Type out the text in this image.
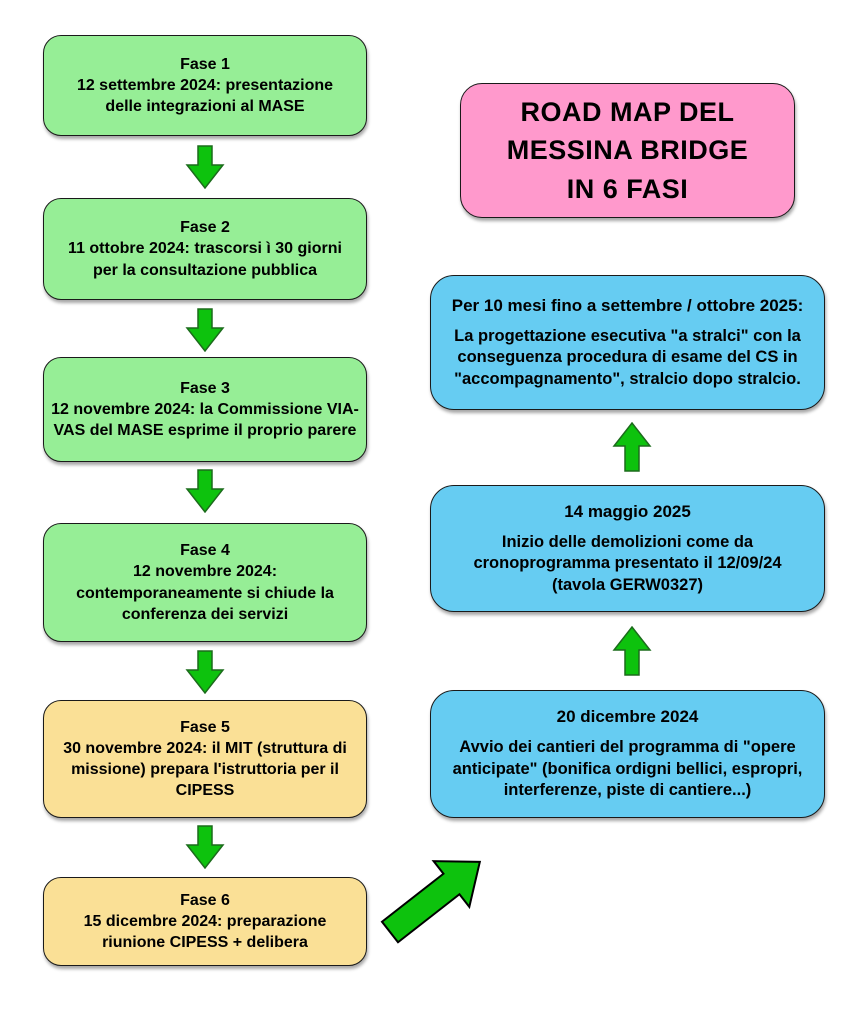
Fase 1
12 settembre 2024: presentazione
delle integrazioni al MASE
Fase 2
11 ottobre 2024: trascorsi ì 30 giorni
per la consultazione pubblica
Fase 3
12 novembre 2024: la Commissione VIA-
VAS del MASE esprime il proprio parere
Fase 4
12 novembre 2024:
contemporaneamente si chiude la
conferenza dei servizi
Fase 5
30 novembre 2024: il MIT (struttura di
missione) prepara l'istruttoria per il
CIPESS
Fase 6
15 dicembre 2024: preparazione
riunione CIPESS + delibera
ROAD MAP DEL
MESSINA BRIDGE
IN 6 FASI
Per 10 mesi fino a settembre / ottobre 2025:
La progettazione esecutiva "a stralci" con la
conseguenza procedura di esame del CS in
"accompagnamento", stralcio dopo stralcio.
14 maggio 2025
Inizio delle demolizioni come da
cronoprogramma presentato il 12/09/24
(tavola GERW0327)
20 dicembre 2024
Avvio dei cantieri del programma di "opere
anticipate" (bonifica ordigni bellici, espropri,
interferenze, piste di cantiere...)
